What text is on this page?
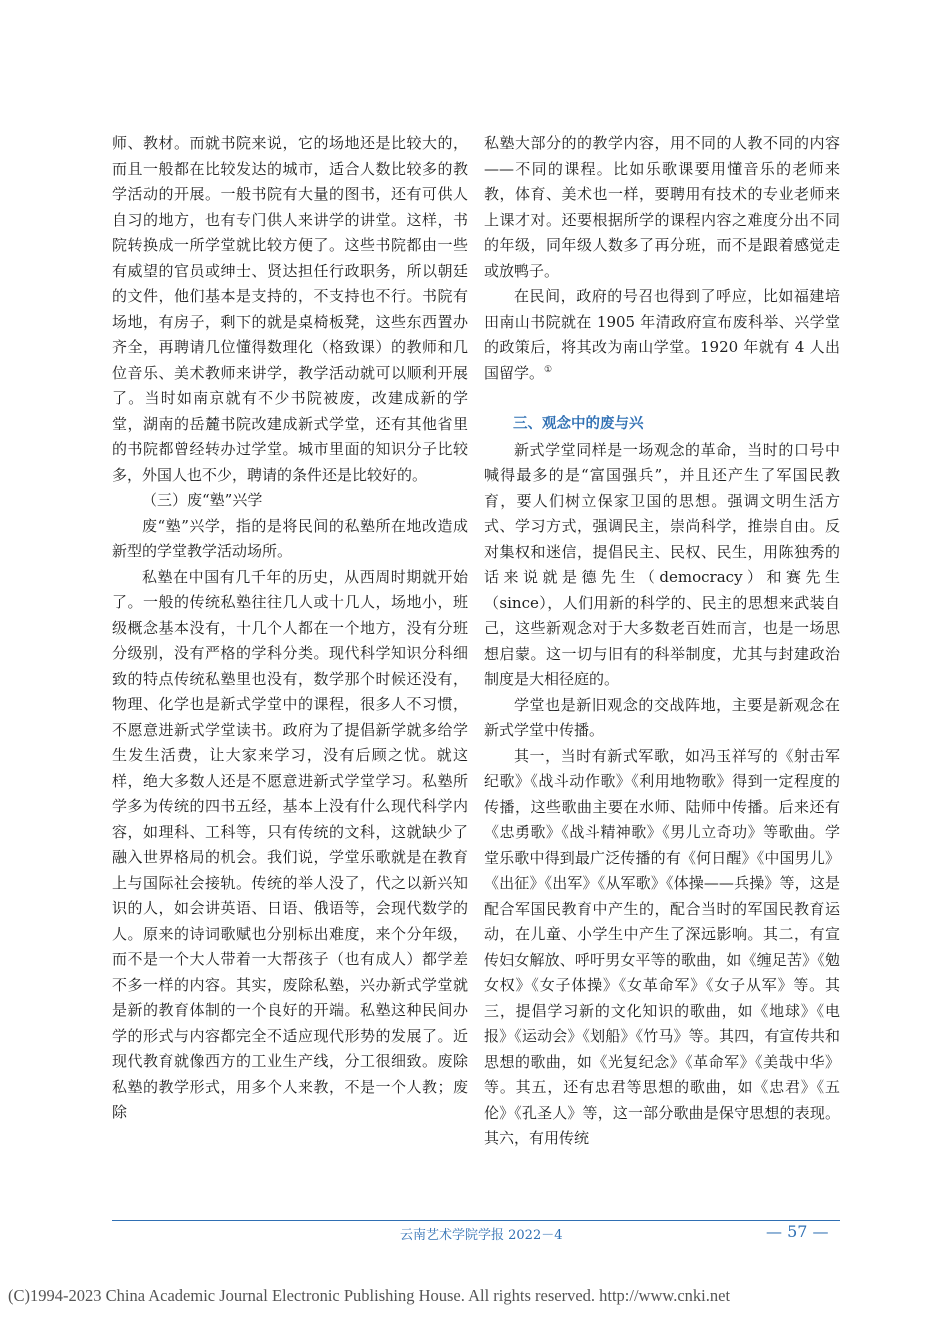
师、教材。而就书院来说，它的场地还是比较大的，而且一般都在比较发达的城市，适合人数比较多的教学活动的开展。一般书院有大量的图书，还有可供人自习的地方，也有专门供人来讲学的讲堂。这样，书院转换成一所学堂就比较方便了。这些书院都由一些有威望的官员或绅士、贤达担任行政职务，所以朝廷的文件，他们基本是支持的，不支持也不行。书院有场地，有房子，剩下的就是桌椅板凳，这些东西置办齐全，再聘请几位懂得数理化（格致课）的教师和几位音乐、美术教师来讲学，教学活动就可以顺利开展了。当时如南京就有不少书院被废，改建成新的学堂，湖南的岳麓书院改建成新式学堂，还有其他省里的书院都曾经转办过学堂。城市里面的知识分子比较多，外国人也不少，聘请的条件还是比较好的。

（三）废“塾”兴学

废“塾”兴学，指的是将民间的私塾所在地改造成新型的学堂教学活动场所。

私塾在中国有几千年的历史，从西周时期就开始了。一般的传统私塾往往几人或十几人，场地小，班级概念基本没有，十几个人都在一个地方，没有分班分级别，没有严格的学科分类。现代科学知识分科细致的特点传统私塾里也没有，数学那个时候还没有，物理、化学也是新式学堂中的课程，很多人不习惯，不愿意进新式学堂读书。政府为了提倡新学就多给学生发生活费，让大家来学习，没有后顾之忧。就这样，绝大多数人还是不愿意进新式学堂学习。私塾所学多为传统的四书五经，基本上没有什么现代科学内容，如理科、工科等，只有传统的文科，这就缺少了融入世界格局的机会。我们说，学堂乐歌就是在教育上与国际社会接轨。传统的举人没了，代之以新兴知识的人，如会讲英语、日语、俄语等，会现代数学的人。原来的诗词歌赋也分别标出难度，来个分年级，而不是一个大人带着一大帮孩子（也有成人）都学差不多一样的内容。其实，废除私塾，兴办新式学堂就是新的教育体制的一个良好的开端。私塾这种民间办学的形式与内容都完全不适应现代形势的发展了。近现代教育就像西方的工业生产线，分工很细致。废除私塾的教学形式，用多个人来教，不是一个人教；废除

私塾大部分的的教学内容，用不同的人教不同的内容——不同的课程。比如乐歌课要用懂音乐的老师来教，体育、美术也一样，要聘用有技术的专业老师来上课才对。还要根据所学的课程内容之难度分出不同的年级，同年级人数多了再分班，而不是跟着感觉走或放鸭子。

在民间，政府的号召也得到了呼应，比如福建培田南山书院就在 1905 年清政府宣布废科举、兴学堂的政策后，将其改为南山学堂。1920 年就有 4 人出国留学。①

三、观念中的废与兴

新式学堂同样是一场观念的革命，当时的口号中喊得最多的是“富国强兵”，并且还产生了军国民教育，要人们树立保家卫国的思想。强调文明生活方式、学习方式，强调民主，崇尚科学，推崇自由。反对集权和迷信，提倡民主、民权、民生，用陈独秀的话来说就是德先生（democracy）和赛先生（since），人们用新的科学的、民主的思想来武装自己，这些新观念对于大多数老百姓而言，也是一场思想启蒙。这一切与旧有的科举制度，尤其与封建政治制度是大相径庭的。

学堂也是新旧观念的交战阵地，主要是新观念在新式学堂中传播。

其一，当时有新式军歌，如冯玉祥写的《射击军纪歌》《战斗动作歌》《利用地物歌》得到一定程度的传播，这些歌曲主要在水师、陆师中传播。后来还有《忠勇歌》《战斗精神歌》《男儿立奇功》等歌曲。学堂乐歌中得到最广泛传播的有《何日醒》《中国男儿》《出征》《出军》《从军歌》《体操——兵操》等，这是配合军国民教育中产生的，配合当时的军国民教育运动，在儿童、小学生中产生了深远影响。其二，有宣传妇女解放、呼吁男女平等的歌曲，如《缠足苦》《勉女权》《女子体操》《女革命军》《女子从军》等。其三，提倡学习新的文化知识的歌曲，如《地球》《电报》《运动会》《划船》《竹马》等。其四，有宣传共和思想的歌曲，如《光复纪念》《革命军》《美哉中华》等。其五，还有忠君等思想的歌曲，如《忠君》《五伦》《孔圣人》等，这一部分歌曲是保守思想的表现。其六，有用传统

云南艺术学院学报 2022－4	— 57 —
(C)1994-2023 China Academic Journal Electronic Publishing House. All rights reserved. http://www.cnki.net
